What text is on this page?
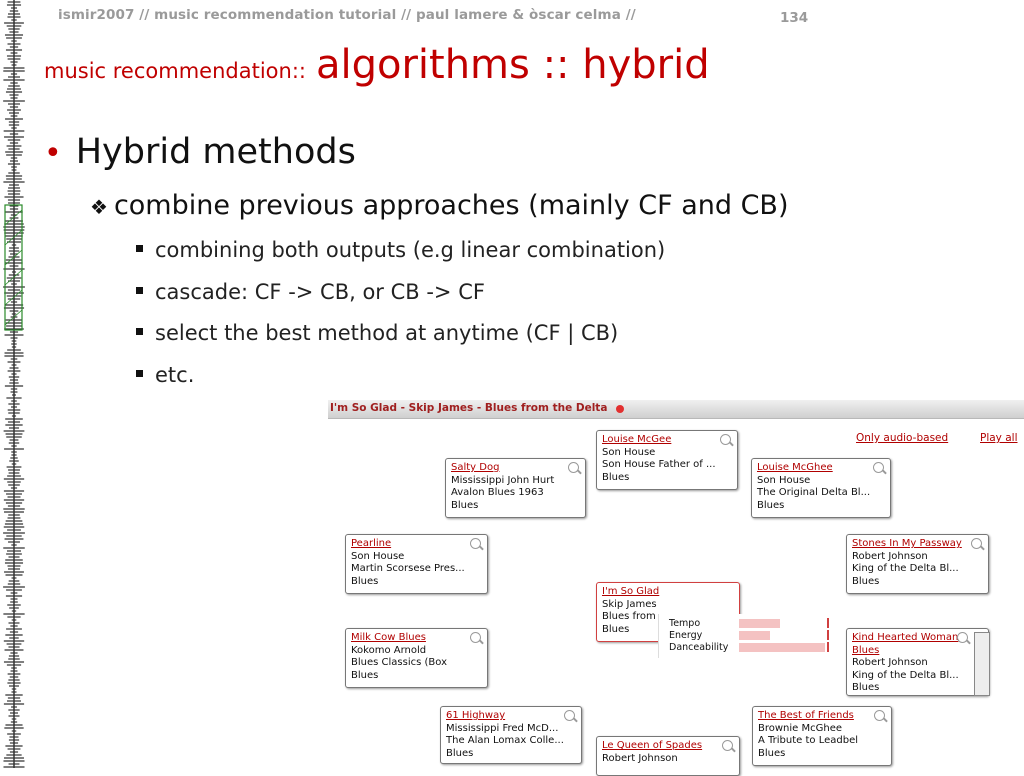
ismir2007 // music recommendation tutorial // paul lamere & òscar celma //	134
music recommendation:: algorithms :: hybrid
• Hybrid methods
❖ combine previous approaches (mainly CF and CB)
combining both outputs (e.g linear combination)
cascade: CF -> CB, or CB -> CF
select the best method at anytime (CF | CB)
etc.
I'm So Glad - Skip James - Blues from the Delta
Only audio-based	Play all
Louise McGee
Son House
Son House Father of ...
Blues
Salty Dog
Mississippi John Hurt
Avalon Blues 1963
Blues
Louise McGhee
Son House
The Original Delta Bl...
Blues
Pearline
Son House
Martin Scorsese Pres...
Blues
Stones In My Passway
Robert Johnson
King of the Delta Bl...
Blues
I'm So Glad
Skip James
Blues from
Blues	Tempo
Energy
Danceability
Milk Cow Blues
Kokomo Arnold
Blues Classics (Box
Blues
Kind Hearted Woman Blues
Robert Johnson
King of the Delta Bl...
Blues
61 Highway
Mississippi Fred McD...
The Alan Lomax Colle...
Blues
The Best of Friends
Brownie McGhee
A Tribute to Leadbel
Blues
Le Queen of Spades
Robert Johnson
